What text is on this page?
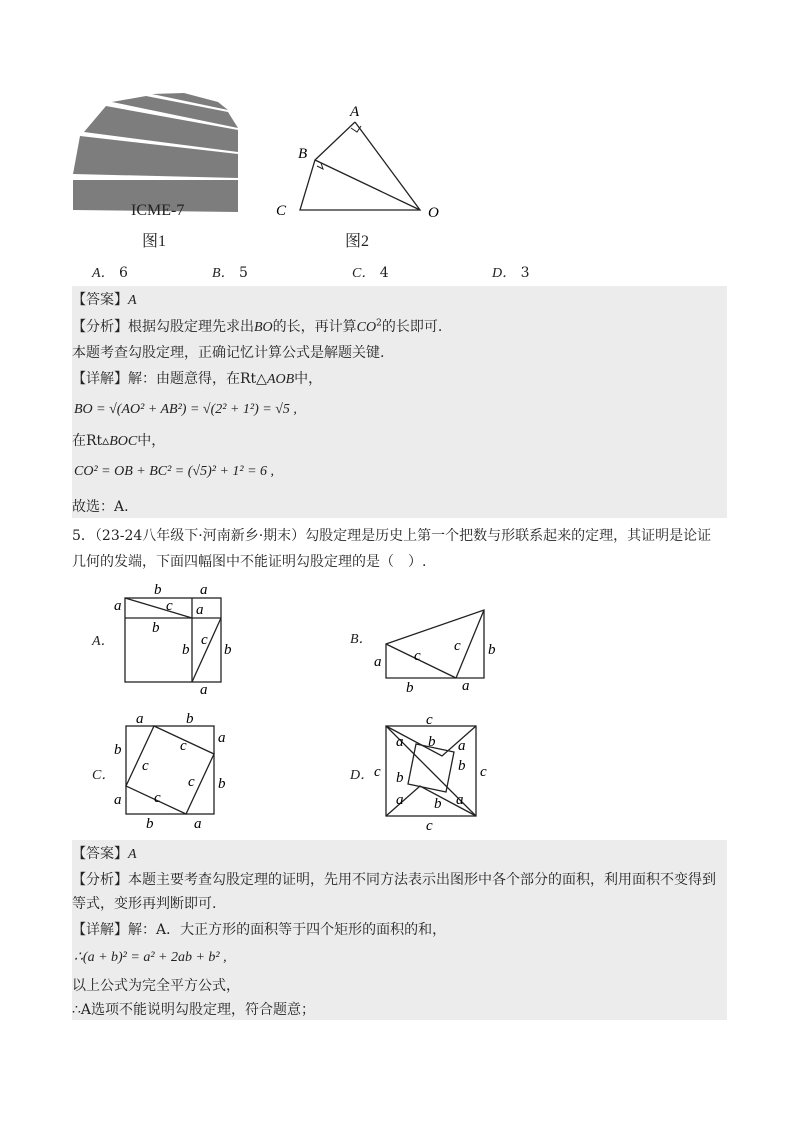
ICME-7
图1
A
B
C	O
图2
A． 6	B． 5	C． 4	D． 3
【答案】A
【分析】根据勾股定理先求出BO的长，再计算$CO^2$的长即可.
本题考查勾股定理，正确记忆计算公式是解题关键.
【详解】解：由题意得，在Rt△AOB中，
BO = √(AO² + AB²) = √(2² + 1²) = √5 ,
在Rt▵BOC中，
CO² = OB + BC² = (√5)² + 1² = 6 ,
故选：A.
5．（23-24八年级下·河南新乡·期末）勾股定理是历史上第一个把数与形联系起来的定理，其证明是论证
几何的发端，下面四幅图中不能证明勾股定理的是（　）.
A．
b	a
a	c a
b
c
b b
a
B．
a c
c b
b	a
C．
a	b
b	c a
c
c b
a c
b	a
D．
c
a b a
c	b c
b
a b a
c
【答案】A
【分析】本题主要考查勾股定理的证明，先用不同方法表示出图形中各个部分的面积，利用面积不变得到
等式，变形再判断即可.
【详解】解：A．大正方形的面积等于四个矩形的面积的和，
∴(a + b)² = a² + 2ab + b² ,
以上公式为完全平方公式，
∴A选项不能说明勾股定理，符合题意；
